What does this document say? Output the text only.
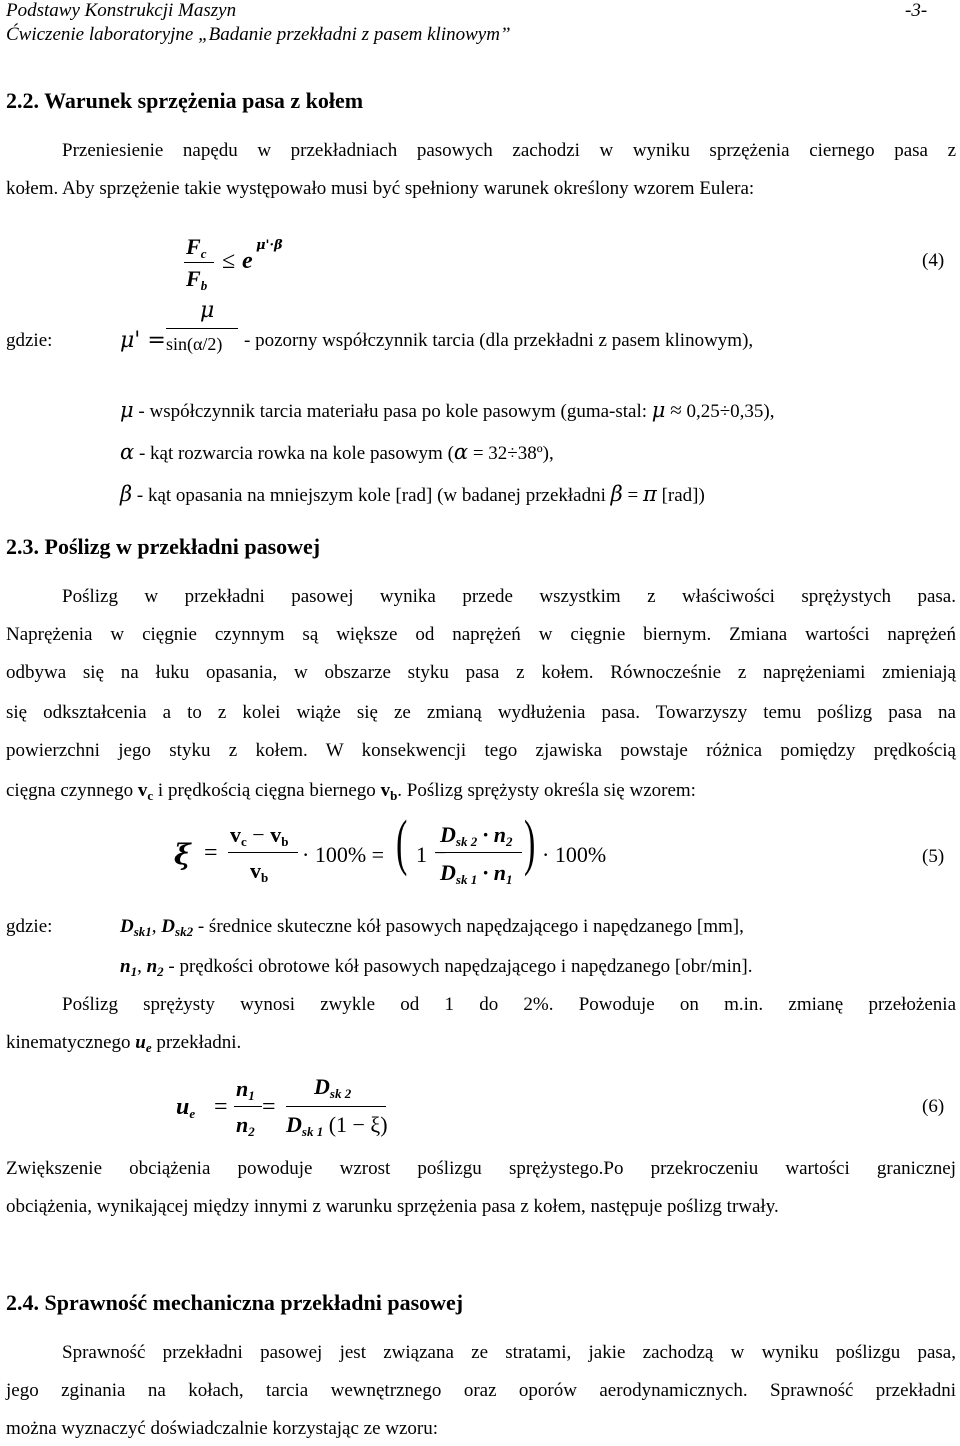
Podstawy Konstrukcji Maszyn	-3-
Ćwiczenie laboratoryjne „Badanie przekładni z pasem klinowym”
2.2. Warunek sprzężenia pasa z kołem
Przeniesienie napędu w przekładniach pasowych zachodzi w wyniku sprzężenia ciernego pasa z
kołem. Aby sprzężenie takie występowało musi być spełniony warunek określony wzorem Eulera:
$F_c$
$F_b$
≤ e
μ'·β
(4)
gdzie:	μ' =
μ
sin(α/2) - pozorny współczynnik tarcia (dla przekładni z pasem klinowym),
μ - współczynnik tarcia materiału pasa po kole pasowym (guma-stal: μ ≈ 0,25÷0,35),
α - kąt rozwarcia rowka na kole pasowym (α = 32÷38º),
β - kąt opasania na mniejszym kole [rad] (w badanej przekładni β = π [rad])
2.3. Poślizg w przekładni pasowej
Poślizg w przekładni pasowej wynika przede wszystkim z właściwości sprężystych pasa.
Naprężenia w cięgnie czynnym są większe od naprężeń w cięgnie biernym. Zmiana wartości naprężeń
odbywa się na łuku opasania, w obszarze styku pasa z kołem. Równocześnie z naprężeniami zmieniają
się odkształcenia a to z kolei wiąże się ze zmianą wydłużenia pasa. Towarzyszy temu poślizg pasa na
powierzchni jego styku z kołem. W konsekwencji tego zjawiska powstaje różnica pomiędzy prędkością
cięgna czynnego $v_c$ i prędkością cięgna biernego $v_b$. Poślizg sprężysty określa się wzorem:
ξ =
$v_c - v_b$
$v_b$
· 100% = ( 1 −
$D_{sk 2} \cdot n_2$
$D_{sk 1} \cdot n_1$
) · 100%	(5)
gdzie:	$D_{sk1}$, $D_{sk2}$ - średnice skuteczne kół pasowych napędzającego i napędzanego [mm],
$n_1$, $n_2$ - prędkości obrotowe kół pasowych napędzającego i napędzanego [obr/min].
Poślizg sprężysty wynosi zwykle od 1 do 2%. Powoduje on m.in. zmianę przełożenia
kinematycznego $u_e$ przekładni.
$u_e$ =
$n_1$
$n_2$
=
$D_{sk 2}$
$D_{sk 1}$ (1 − ξ)
(6)
Zwiększenie obciążenia powoduje wzrost poślizgu sprężystego.Po przekroczeniu wartości granicznej
obciążenia, wynikającej między innymi z warunku sprzężenia pasa z kołem, następuje poślizg trwały.
2.4. Sprawność mechaniczna przekładni pasowej
Sprawność przekładni pasowej jest związana ze stratami, jakie zachodzą w wyniku poślizgu pasa,
jego zginania na kołach, tarcia wewnętrznego oraz oporów aerodynamicznych. Sprawność przekładni
można wyznaczyć doświadczalnie korzystając ze wzoru:
